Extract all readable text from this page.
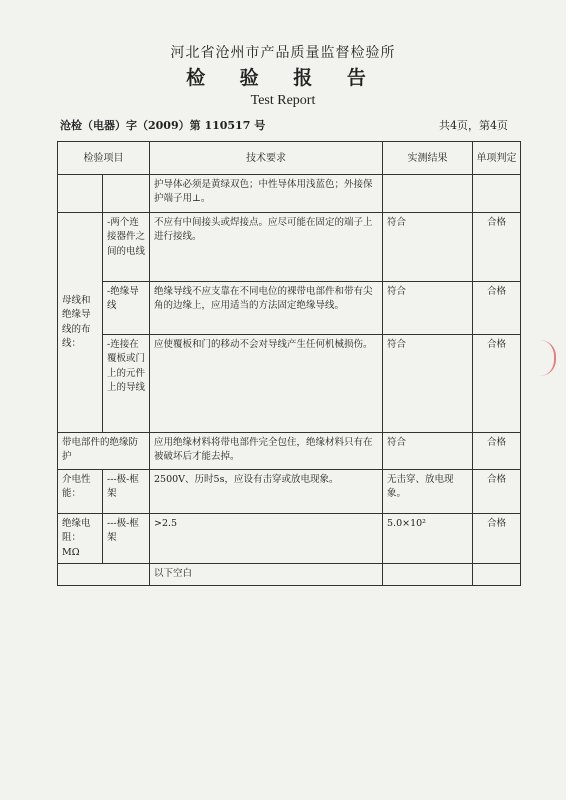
河北省沧州市产品质量监督检验所
检 验 报 告
Test Report
沧检（电器）字（2009）第 110517 号	共4页，第4页
检验项目		技术要求	实测结果	单项判定
		护导体必须是黄绿双色；中性导体用浅蓝色；外接保护端子用⊥。		
母线和绝缘导线的布线：	-两个连接器件之间的电线	不应有中间接头或焊接点。应尽可能在固定的端子上进行接线。	符合	合格
	-绝缘导线	绝缘导线不应支靠在不同电位的裸带电部件和带有尖角的边缘上，应用适当的方法固定绝缘导线。	符合	合格
	-连接在覆板或门上的元件上的导线	应使覆板和门的移动不会对导线产生任何机械损伤。	符合	合格
带电部件的绝缘防护		应用绝缘材料将带电部件完全包住，绝缘材料只有在被破坏后才能去掉。	符合	合格
介电性能：	---极-框架	2500V、历时5s，应设有击穿或放电现象。	无击穿、放电现象。	合格
绝缘电阻：MΩ	---极-框架	>2.5	5.0×10²	合格
		以下空白		
